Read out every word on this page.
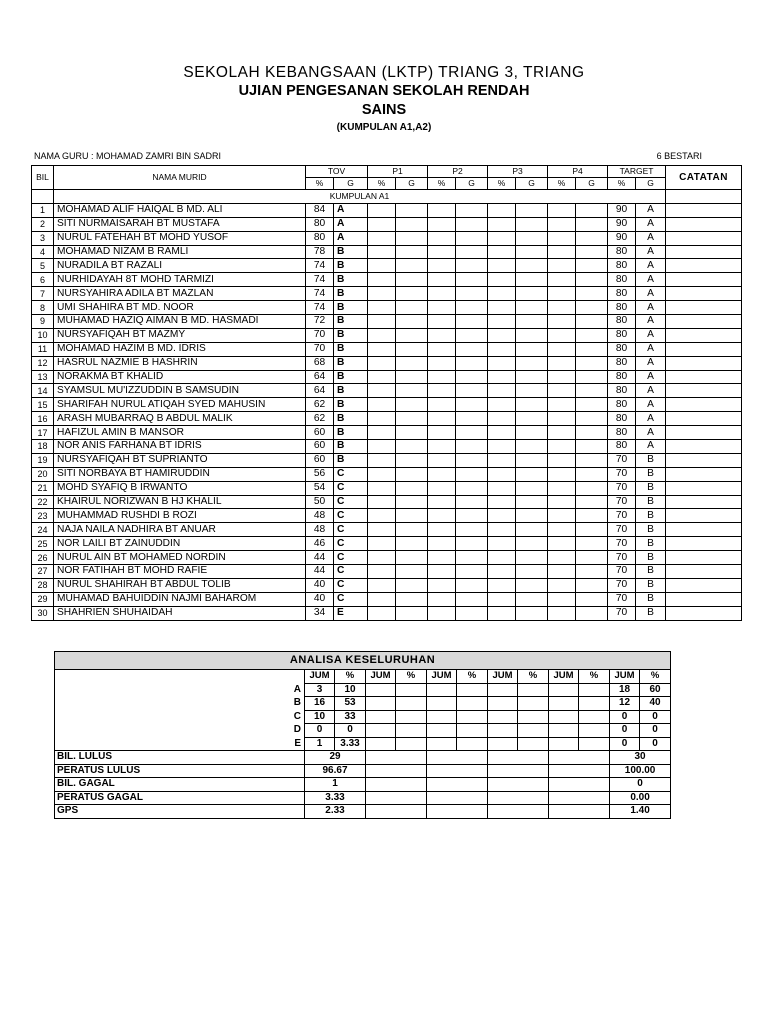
SEKOLAH KEBANGSAAN (LKTP) TRIANG 3, TRIANG
UJIAN PENGESANAN SEKOLAH RENDAH
SAINS
(KUMPULAN A1,A2)
NAMA GURU : MOHAMAD ZAMRI BIN SADRI	6 BESTARI
BIL	NAMA MURID	TOV		P1		P2		P3		P4		TARGET		CATATAN
		%	G	%	G	%	G	%	G	%	G	%	G	
	KUMPULAN A1													
1	MOHAMAD ALIF HAIQAL B MD. ALI	84	A									90	A	
2	SITI NURMAISARAH BT MUSTAFA	80	A									90	A	
3	NURUL FATEHAH BT MOHD YUSOF	80	A									90	A	
4	MOHAMAD NIZAM B RAMLI	78	B									80	A	
5	NURADILA BT RAZALI	74	B									80	A	
6	NURHIDAYAH 8T MOHD TARMIZI	74	B									80	A	
7	NURSYAHIRA ADILA BT MAZLAN	74	B									80	A	
8	UMI SHAHIRA BT MD. NOOR	74	B									80	A	
9	MUHAMAD HAZIQ AIMAN B MD. HASMADI	72	B									80	A	
10	NURSYAFIQAH BT MAZMY	70	B									80	A	
11	MOHAMAD HAZIM B MD. IDRIS	70	B									80	A	
12	HASRUL NAZMIE B HASHRIN	68	B									80	A	
13	NORAKMA BT KHALID	64	B									80	A	
14	SYAMSUL MU'IZZUDDIN B SAMSUDIN	64	B									80	A	
15	SHARIFAH NURUL ATIQAH SYED MAHUSIN	62	B									80	A	
16	ARASH MUBARRAQ B ABDUL MALIK	62	B									80	A	
17	HAFIZUL AMIN B MANSOR	60	B									80	A	
18	NOR ANIS FARHANA BT IDRIS	60	B									80	A	
19	NURSYAFIQAH BT SUPRIANTO	60	B									70	B	
20	SITI NORBAYA BT HAMIRUDDIN	56	C									70	B	
21	MOHD SYAFIQ B IRWANTO	54	C									70	B	
22	KHAIRUL NORIZWAN B HJ KHALIL	50	C									70	B	
23	MUHAMMAD RUSHDI B ROZI	48	C									70	B	
24	NAJA NAILA NADHIRA BT ANUAR	48	C									70	B	
25	NOR LAILI BT ZAINUDDIN	46	C									70	B	
26	NURUL AIN BT MOHAMED NORDIN	44	C									70	B	
27	NOR FATIHAH BT MOHD RAFIE	44	C									70	B	
28	NURUL SHAHIRAH BT ABDUL TOLIB	40	C									70	B	
29	MUHAMAD BAHUIDDIN NAJMI BAHAROM	40	C									70	B	
30	SHAHRIEN SHUHAIDAH	34	E									70	B	
ANALISA KESELURUHAN												
	JUM	%	JUM	%	JUM	%	JUM	%	JUM	%	JUM	%
A	3	10									18	60
B	16	53									12	40
C	10	33									0	0
D	0	0									0	0
E	1	3.33									0	0
BIL. LULUS	29										30	
PERATUS LULUS	96.67										100.00	
BIL. GAGAL	1										0	
PERATUS GAGAL	3.33										0.00	
GPS	2.33										1.40	
